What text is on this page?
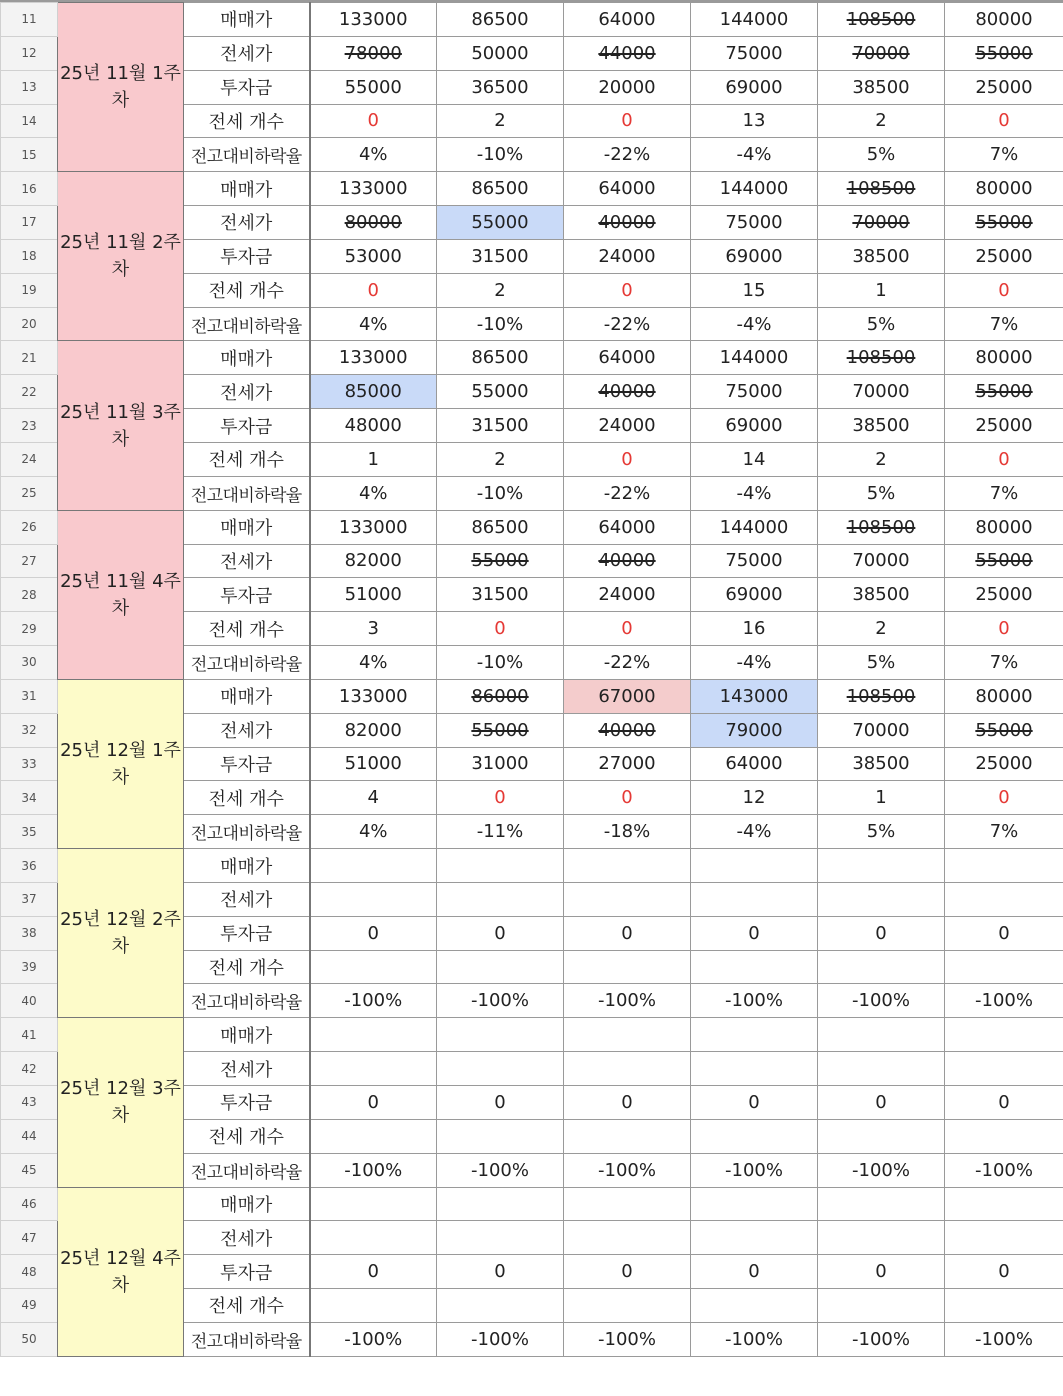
11	25년 11월 1주차	매매가	133000	86500	64000	144000	108500	80000
12		전세가	78000	50000	44000	75000	70000	55000
13		투자금	55000	36500	20000	69000	38500	25000
14		전세 개수	0	2	0	13	2	0
15		전고대비하락율	4%	-10%	-22%	-4%	5%	7%
16	25년 11월 2주차	매매가	133000	86500	64000	144000	108500	80000
17		전세가	80000	55000	40000	75000	70000	55000
18		투자금	53000	31500	24000	69000	38500	25000
19		전세 개수	0	2	0	15	1	0
20		전고대비하락율	4%	-10%	-22%	-4%	5%	7%
21	25년 11월 3주차	매매가	133000	86500	64000	144000	108500	80000
22		전세가	85000	55000	40000	75000	70000	55000
23		투자금	48000	31500	24000	69000	38500	25000
24		전세 개수	1	2	0	14	2	0
25		전고대비하락율	4%	-10%	-22%	-4%	5%	7%
26	25년 11월 4주차	매매가	133000	86500	64000	144000	108500	80000
27		전세가	82000	55000	40000	75000	70000	55000
28		투자금	51000	31500	24000	69000	38500	25000
29		전세 개수	3	0	0	16	2	0
30		전고대비하락율	4%	-10%	-22%	-4%	5%	7%
31	25년 12월 1주차	매매가	133000	86000	67000	143000	108500	80000
32		전세가	82000	55000	40000	79000	70000	55000
33		투자금	51000	31000	27000	64000	38500	25000
34		전세 개수	4	0	0	12	1	0
35		전고대비하락율	4%	-11%	-18%	-4%	5%	7%
36	25년 12월 2주차	매매가						
37		전세가						
38		투자금	0	0	0	0	0	0
39		전세 개수						
40		전고대비하락율	-100%	-100%	-100%	-100%	-100%	-100%
41	25년 12월 3주차	매매가						
42		전세가						
43		투자금	0	0	0	0	0	0
44		전세 개수						
45		전고대비하락율	-100%	-100%	-100%	-100%	-100%	-100%
46	25년 12월 4주차	매매가						
47		전세가						
48		투자금	0	0	0	0	0	0
49		전세 개수						
50		전고대비하락율	-100%	-100%	-100%	-100%	-100%	-100%
